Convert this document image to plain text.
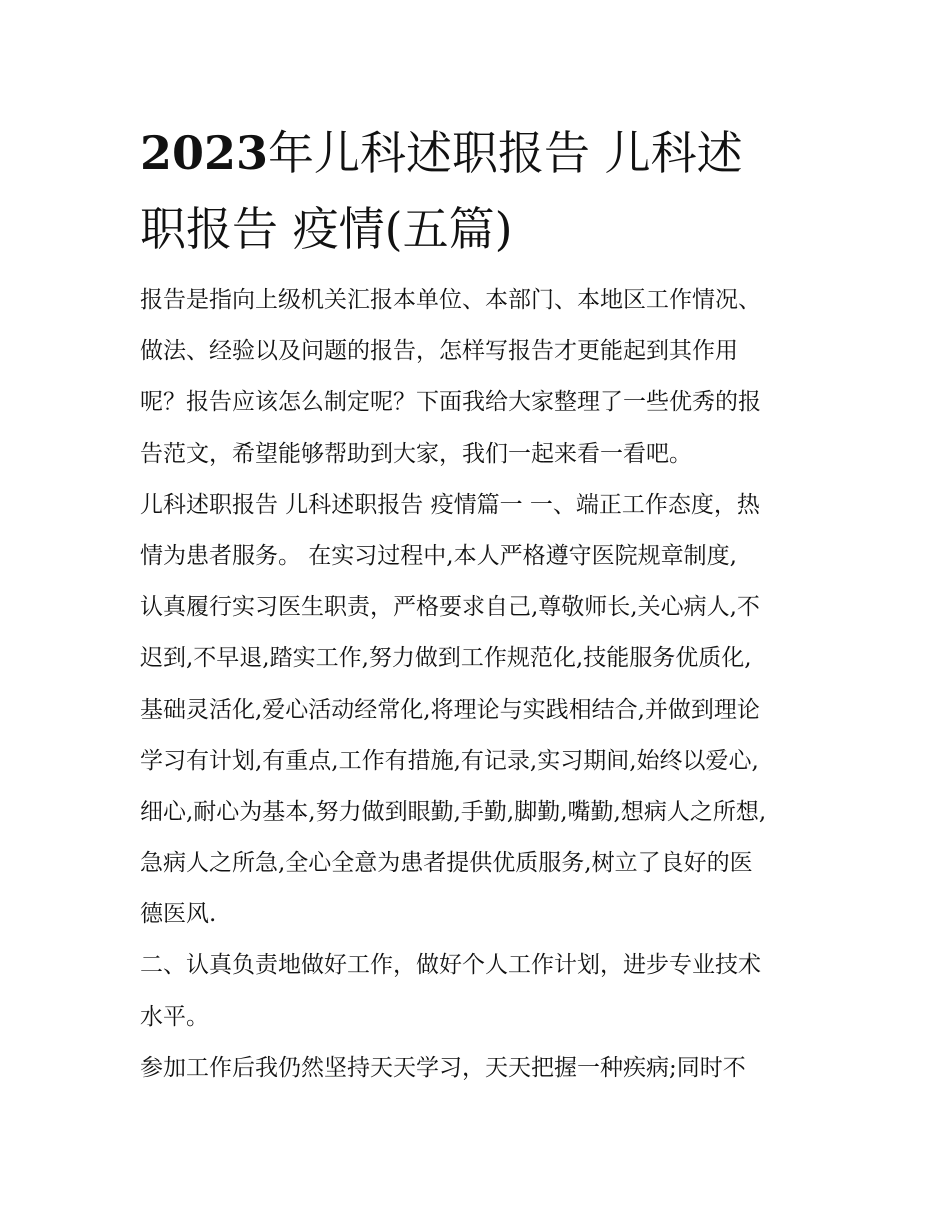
2023年儿科述职报告 儿科述
职报告 疫情(五篇)
报告是指向上级机关汇报本单位、本部门、本地区工作情况、
做法、经验以及问题的报告，怎样写报告才更能起到其作用
呢？报告应该怎么制定呢？下面我给大家整理了一些优秀的报
告范文，希望能够帮助到大家，我们一起来看一看吧。
儿科述职报告 儿科述职报告 疫情篇一 一、端正工作态度，热
情为患者服务。 在实习过程中,本人严格遵守医院规章制度,
认真履行实习医生职责，严格要求自己,尊敬师长,关心病人,不
迟到,不早退,踏实工作,努力做到工作规范化,技能服务优质化,
基础灵活化,爱心活动经常化,将理论与实践相结合,并做到理论
学习有计划,有重点,工作有措施,有记录,实习期间,始终以爱心,
细心,耐心为基本,努力做到眼勤,手勤,脚勤,嘴勤,想病人之所想,
急病人之所急,全心全意为患者提供优质服务,树立了良好的医
德医风.
二、认真负责地做好工作，做好个人工作计划，进步专业技术
水平。
参加工作后我仍然坚持天天学习，天天把握一种疾病;同时不
